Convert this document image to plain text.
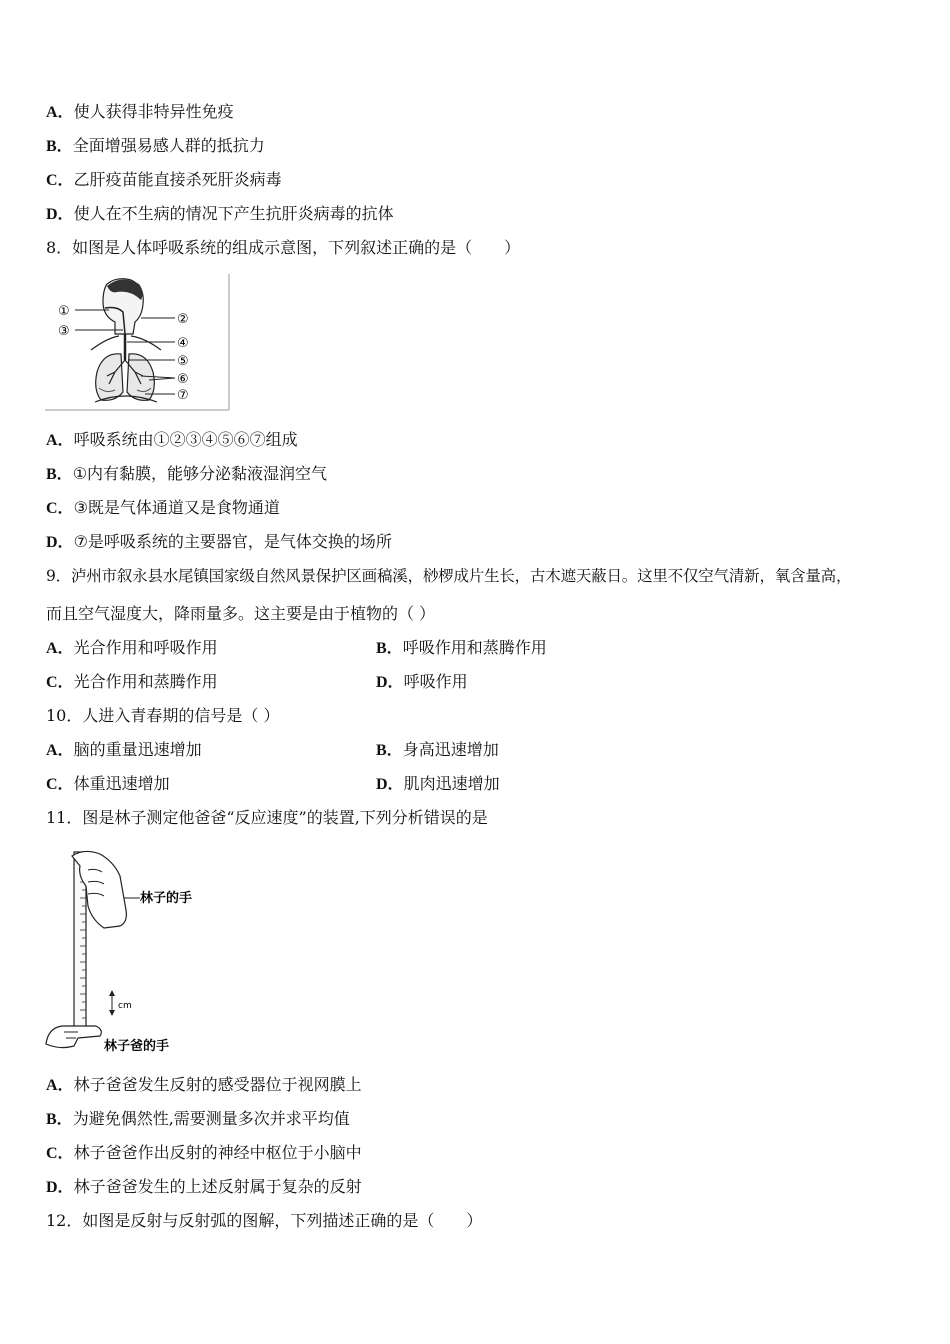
A．使人获得非特异性免疫
B．全面增强易感人群的抵抗力
C．乙肝疫苗能直接杀死肝炎病毒
D．使人在不生病的情况下产生抗肝炎病毒的抗体
8．如图是人体呼吸系统的组成示意图，下列叙述正确的是（　　）
①
②
③
④
⑤
⑥
⑦
A．呼吸系统由①②③④⑤⑥⑦组成
B．①内有黏膜，能够分泌黏液湿润空气
C．③既是气体通道又是食物通道
D．⑦是呼吸系统的主要器官，是气体交换的场所
9．泸州市叙永县水尾镇国家级自然风景保护区画稿溪，桫椤成片生长，古木遮天蔽日。这里不仅空气清新，氧含量高，
而且空气湿度大，降雨量多。这主要是由于植物的（ ）
A．光合作用和呼吸作用	B．呼吸作用和蒸腾作用
C．光合作用和蒸腾作用	D．呼吸作用
10．人进入青春期的信号是（ ）
A．脑的重量迅速增加	B．身高迅速增加
C．体重迅速增加	D．肌肉迅速增加
11．图是林子测定他爸爸“反应速度”的装置,下列分析错误的是
林子的手
cm
林子爸的手
A．林子爸爸发生反射的感受器位于视网膜上
B．为避免偶然性,需要测量多次并求平均值
C．林子爸爸作出反射的神经中枢位于小脑中
D．林子爸爸发生的上述反射属于复杂的反射
12．如图是反射与反射弧的图解，下列描述正确的是（　　）
